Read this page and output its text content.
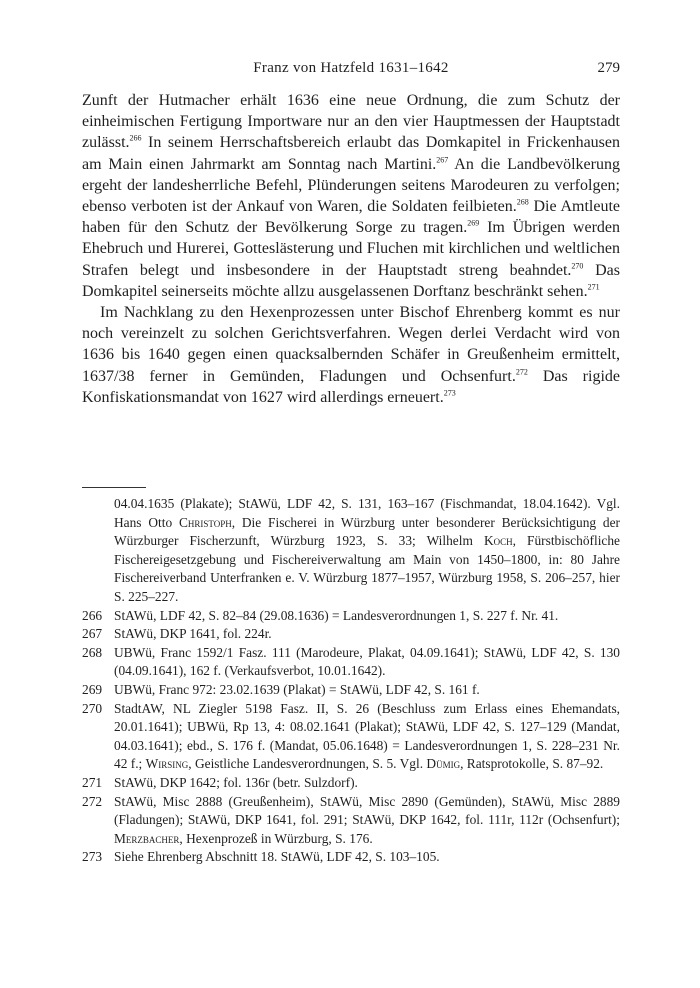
Franz von Hatzfeld 1631–1642	279

Zunft der Hutmacher erhält 1636 eine neue Ordnung, die zum Schutz der einheimischen Fertigung Importware nur an den vier Hauptmessen der Hauptstadt zulässt.$^{266}$ In seinem Herrschaftsbereich erlaubt das Domkapitel in Frickenhausen am Main einen Jahrmarkt am Sonntag nach Martini.$^{267}$ An die Landbevölkerung ergeht der landesherrliche Befehl, Plünderungen seitens Marodeuren zu verfolgen; ebenso verboten ist der Ankauf von Waren, die Soldaten feilbieten.$^{268}$ Die Amtleute haben für den Schutz der Bevölkerung Sorge zu tragen.$^{269}$ Im Übrigen werden Ehebruch und Hurerei, Gotteslästerung und Fluchen mit kirchlichen und weltlichen Strafen belegt und insbesondere in der Hauptstadt streng beahndet.$^{270}$ Das Domkapitel seinerseits möchte allzu ausgelassenen Dorftanz beschränkt sehen.$^{271}$

Im Nachklang zu den Hexenprozessen unter Bischof Ehrenberg kommt es nur noch vereinzelt zu solchen Gerichtsverfahren. Wegen derlei Verdacht wird von 1636 bis 1640 gegen einen quacksalbernden Schäfer in Greußenheim ermittelt, 1637/38 ferner in Gemünden, Fladungen und Ochsenfurt.$^{272}$ Das rigide Konfiskationsmandat von 1627 wird allerdings erneuert.$^{273}$

04.04.1635 (Plakate); StAWü, LDF 42, S. 131, 163–167 (Fischmandat, 18.04.1642). Vgl. Hans Otto Christoph, Die Fischerei in Würzburg unter besonderer Berücksichtigung der Würzburger Fischerzunft, Würzburg 1923, S. 33; Wilhelm Koch, Fürstbischöfliche Fischereigesetzgebung und Fischereiverwaltung am Main von 1450–1800, in: 80 Jahre Fischereiverband Unterfranken e. V. Würzburg 1877–1957, Würzburg 1958, S. 206–257, hier S. 225–227.
266 StAWü, LDF 42, S. 82–84 (29.08.1636) = Landesverordnungen 1, S. 227 f. Nr. 41.
267 StAWü, DKP 1641, fol. 224r.
268 UBWü, Franc 1592/1 Fasz. 111 (Marodeure, Plakat, 04.09.1641); StAWü, LDF 42, S. 130 (04.09.1641), 162 f. (Verkaufsverbot, 10.01.1642).
269 UBWü, Franc 972: 23.02.1639 (Plakat) = StAWü, LDF 42, S. 161 f.
270 StadtAW, NL Ziegler 5198 Fasz. II, S. 26 (Beschluss zum Erlass eines Ehemandats, 20.01.1641); UBWü, Rp 13, 4: 08.02.1641 (Plakat); StAWü, LDF 42, S. 127–129 (Mandat, 04.03.1641); ebd., S. 176 f. (Mandat, 05.06.1648) = Landesverordnungen 1, S. 228–231 Nr. 42 f.; Wirsing, Geistliche Landesverordnungen, S. 5. Vgl. Dümig, Ratsprotokolle, S. 87–92.
271 StAWü, DKP 1642; fol. 136r (betr. Sulzdorf).
272 StAWü, Misc 2888 (Greußenheim), StAWü, Misc 2890 (Gemünden), StAWü, Misc 2889 (Fladungen); StAWü, DKP 1641, fol. 291; StAWü, DKP 1642, fol. 111r, 112r (Ochsenfurt); Merzbacher, Hexenprozeß in Würzburg, S. 176.
273 Siehe Ehrenberg Abschnitt 18. StAWü, LDF 42, S. 103–105.
